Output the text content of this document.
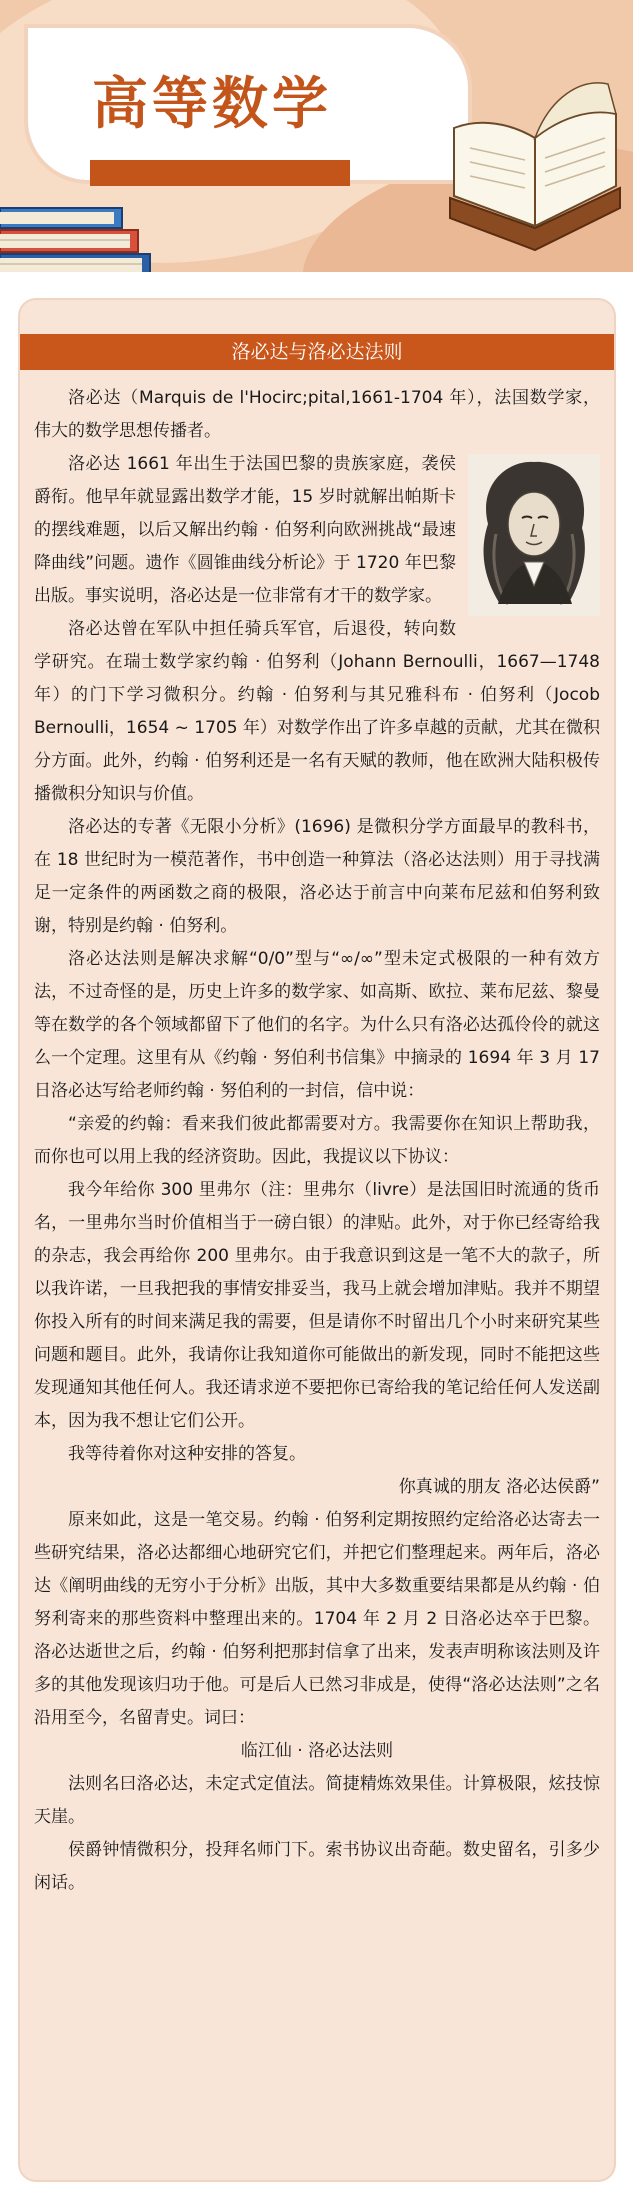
高等数学
洛必达与洛必达法则

洛必达（Marquis de l'Hocirc;pital,1661-1704 年），法国数学家，伟大的数学思想传播者。

洛必达 1661 年出生于法国巴黎的贵族家庭，袭侯爵衔。他早年就显露出数学才能，15 岁时就解出帕斯卡的摆线难题，以后又解出约翰 · 伯努利向欧洲挑战“最速降曲线”问题。遗作《圆锥曲线分析论》于 1720 年巴黎出版。事实说明，洛必达是一位非常有才干的数学家。

洛必达曾在军队中担任骑兵军官，后退役，转向数学研究。在瑞士数学家约翰 · 伯努利（Johann Bernoulli，1667—1748 年）的门下学习微积分。约翰 · 伯努利与其兄雅科布 · 伯努利（Jocob Bernoulli，1654 ~ 1705 年）对数学作出了许多卓越的贡献，尤其在微积分方面。此外，约翰 · 伯努利还是一名有天赋的教师，他在欧洲大陆积极传播微积分知识与价值。

洛必达的专著《无限小分析》(1696) 是微积分学方面最早的教科书，在 18 世纪时为一模范著作，书中创造一种算法（洛必达法则）用于寻找满足一定条件的两函数之商的极限，洛必达于前言中向莱布尼兹和伯努利致谢，特别是约翰 · 伯努利。

洛必达法则是解决求解“0/0”型与“∞/∞”型未定式极限的一种有效方法，不过奇怪的是，历史上许多的数学家、如高斯、欧拉、莱布尼兹、黎曼等在数学的各个领域都留下了他们的名字。为什么只有洛必达孤伶伶的就这么一个定理。这里有从《约翰 · 努伯利书信集》中摘录的 1694 年 3 月 17 日洛必达写给老师约翰 · 努伯利的一封信，信中说：

“亲爱的约翰：看来我们彼此都需要对方。我需要你在知识上帮助我，而你也可以用上我的经济资助。因此，我提议以下协议：

我今年给你 300 里弗尔（注：里弗尔（livre）是法国旧时流通的货币名，一里弗尔当时价值相当于一磅白银）的津贴。此外，对于你已经寄给我的杂志，我会再给你 200 里弗尔。由于我意识到这是一笔不大的款子，所以我许诺，一旦我把我的事情安排妥当，我马上就会增加津贴。我并不期望你投入所有的时间来满足我的需要，但是请你不时留出几个小时来研究某些问题和题目。此外，我请你让我知道你可能做出的新发现，同时不能把这些发现通知其他任何人。我还请求逆不要把你已寄给我的笔记给任何人发送副本，因为我不想让它们公开。

我等待着你对这种安排的答复。

你真诚的朋友 洛必达侯爵”

原来如此，这是一笔交易。约翰 · 伯努利定期按照约定给洛必达寄去一些研究结果，洛必达都细心地研究它们，并把它们整理起来。两年后，洛必达《阐明曲线的无穷小于分析》出版，其中大多数重要结果都是从约翰 · 伯努利寄来的那些资料中整理出来的。1704 年 2 月 2 日洛必达卒于巴黎。洛必达逝世之后，约翰 · 伯努利把那封信拿了出来，发表声明称该法则及许多的其他发现该归功于他。可是后人已然习非成是，使得“洛必达法则”之名沿用至今，名留青史。词曰：

临江仙 · 洛必达法则

法则名曰洛必达，未定式定值法。简捷精炼效果佳。计算极限，炫技惊天崖。

侯爵钟情微积分，投拜名师门下。索书协议出奇葩。数史留名，引多少闲话。
